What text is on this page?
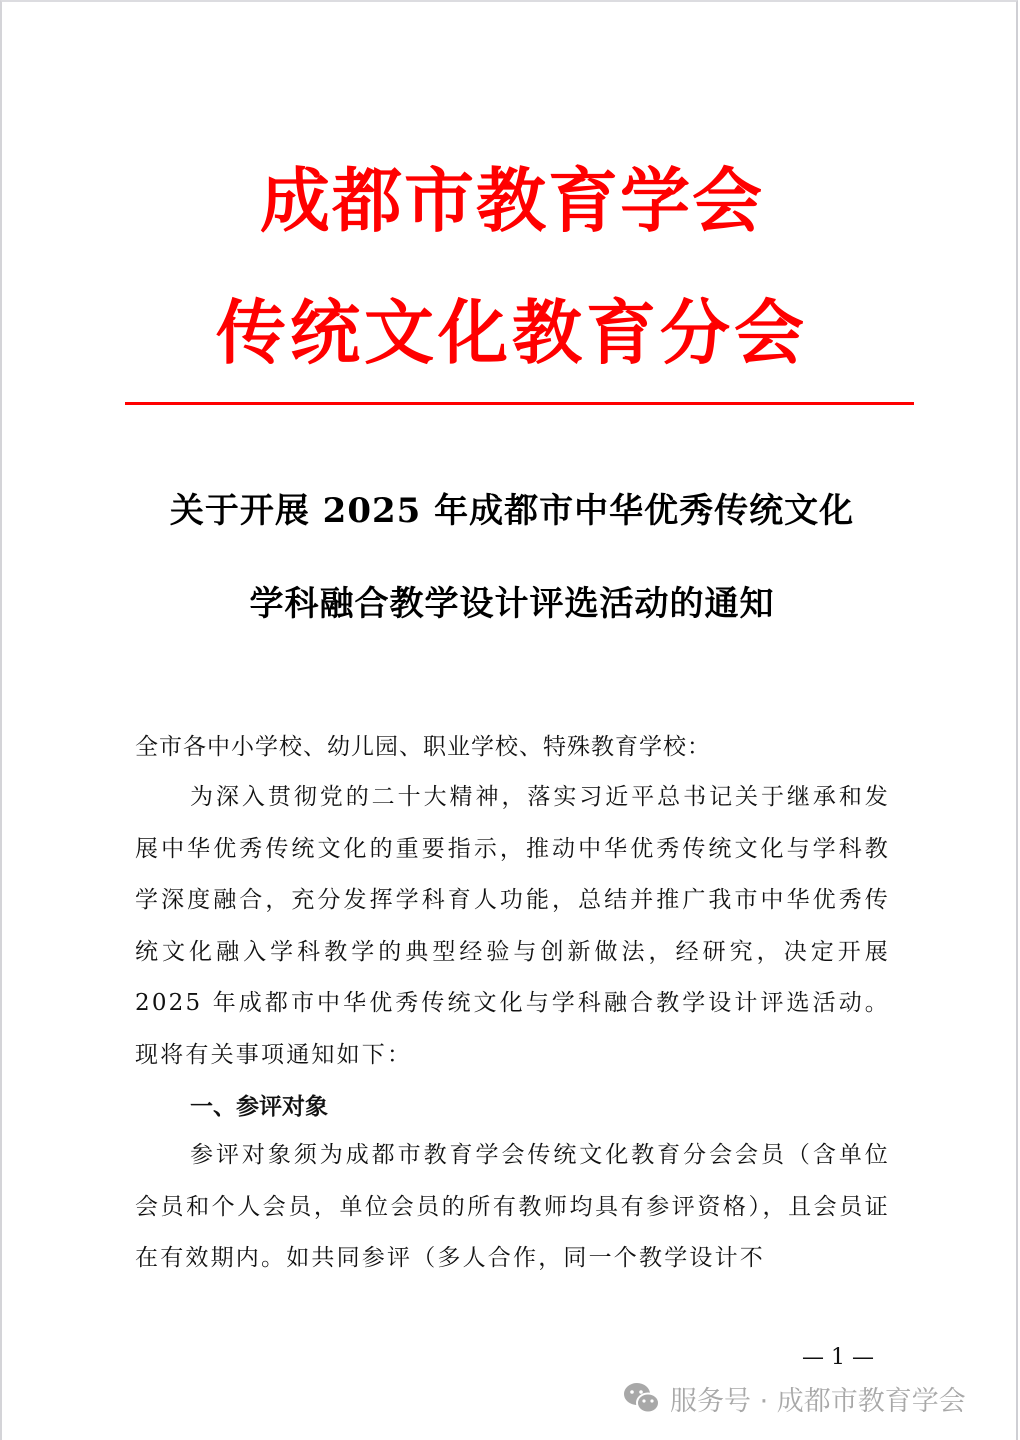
成都市教育学会
传统文化教育分会
关于开展 2025 年成都市中华优秀传统文化
学科融合教学设计评选活动的通知
全市各中小学校、幼儿园、职业学校、特殊教育学校：
为深入贯彻党的二十大精神，落实习近平总书记关于继承和发展中华优秀传统文化的重要指示，推动中华优秀传统文化与学科教学深度融合，充分发挥学科育人功能，总结并推广我市中华优秀传统文化融入学科教学的典型经验与创新做法，经研究，决定开展 2025 年成都市中华优秀传统文化与学科融合教学设计评选活动。现将有关事项通知如下：
一、参评对象
参评对象须为成都市教育学会传统文化教育分会会员（含单位会员和个人会员，单位会员的所有教师均具有参评资格），且会员证在有效期内。如共同参评（多人合作，同一个教学设计不
— 1 —
服务号 · 成都市教育学会
